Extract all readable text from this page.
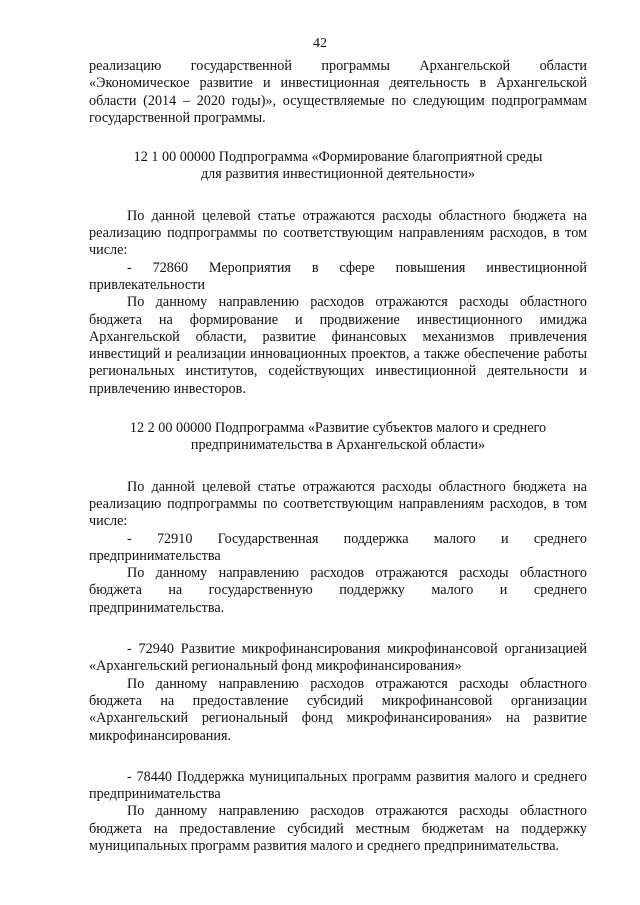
42

реализацию государственной программы Архангельской области «Экономическое развитие и инвестиционная деятельность в Архангельской области (2014 – 2020 годы)», осуществляемые по следующим подпрограммам государственной программы.

12 1 00 00000 Подпрограмма «Формирование благоприятной среды
для развития инвестиционной деятельности»

По данной целевой статье отражаются расходы областного бюджета на реализацию подпрограммы по соответствующим направлениям расходов, в том числе:

- 72860 Мероприятия в сфере повышения инвестиционной привлекательности

По данному направлению расходов отражаются расходы областного бюджета на формирование и продвижение инвестиционного имиджа Архангельской области, развитие финансовых механизмов привлечения инвестиций и реализации инновационных проектов, а также обеспечение работы региональных институтов, содействующих инвестиционной деятельности и привлечению инвесторов.

12 2 00 00000 Подпрограмма «Развитие субъектов малого и среднего
предпринимательства в Архангельской области»

По данной целевой статье отражаются расходы областного бюджета на реализацию подпрограммы по соответствующим направлениям расходов, в том числе:

- 72910 Государственная поддержка малого и среднего предпринимательства

По данному направлению расходов отражаются расходы областного бюджета на государственную поддержку малого и среднего предпринимательства.

- 72940 Развитие микрофинансирования микрофинансовой организацией «Архангельский региональный фонд микрофинансирования»

По данному направлению расходов отражаются расходы областного бюджета на предоставление субсидий микрофинансовой организации «Архангельский региональный фонд микрофинансирования» на развитие микрофинансирования.

- 78440 Поддержка муниципальных программ развития малого и среднего предпринимательства

По данному направлению расходов отражаются расходы областного бюджета на предоставление субсидий местным бюджетам на поддержку муниципальных программ развития малого и среднего предпринимательства.
